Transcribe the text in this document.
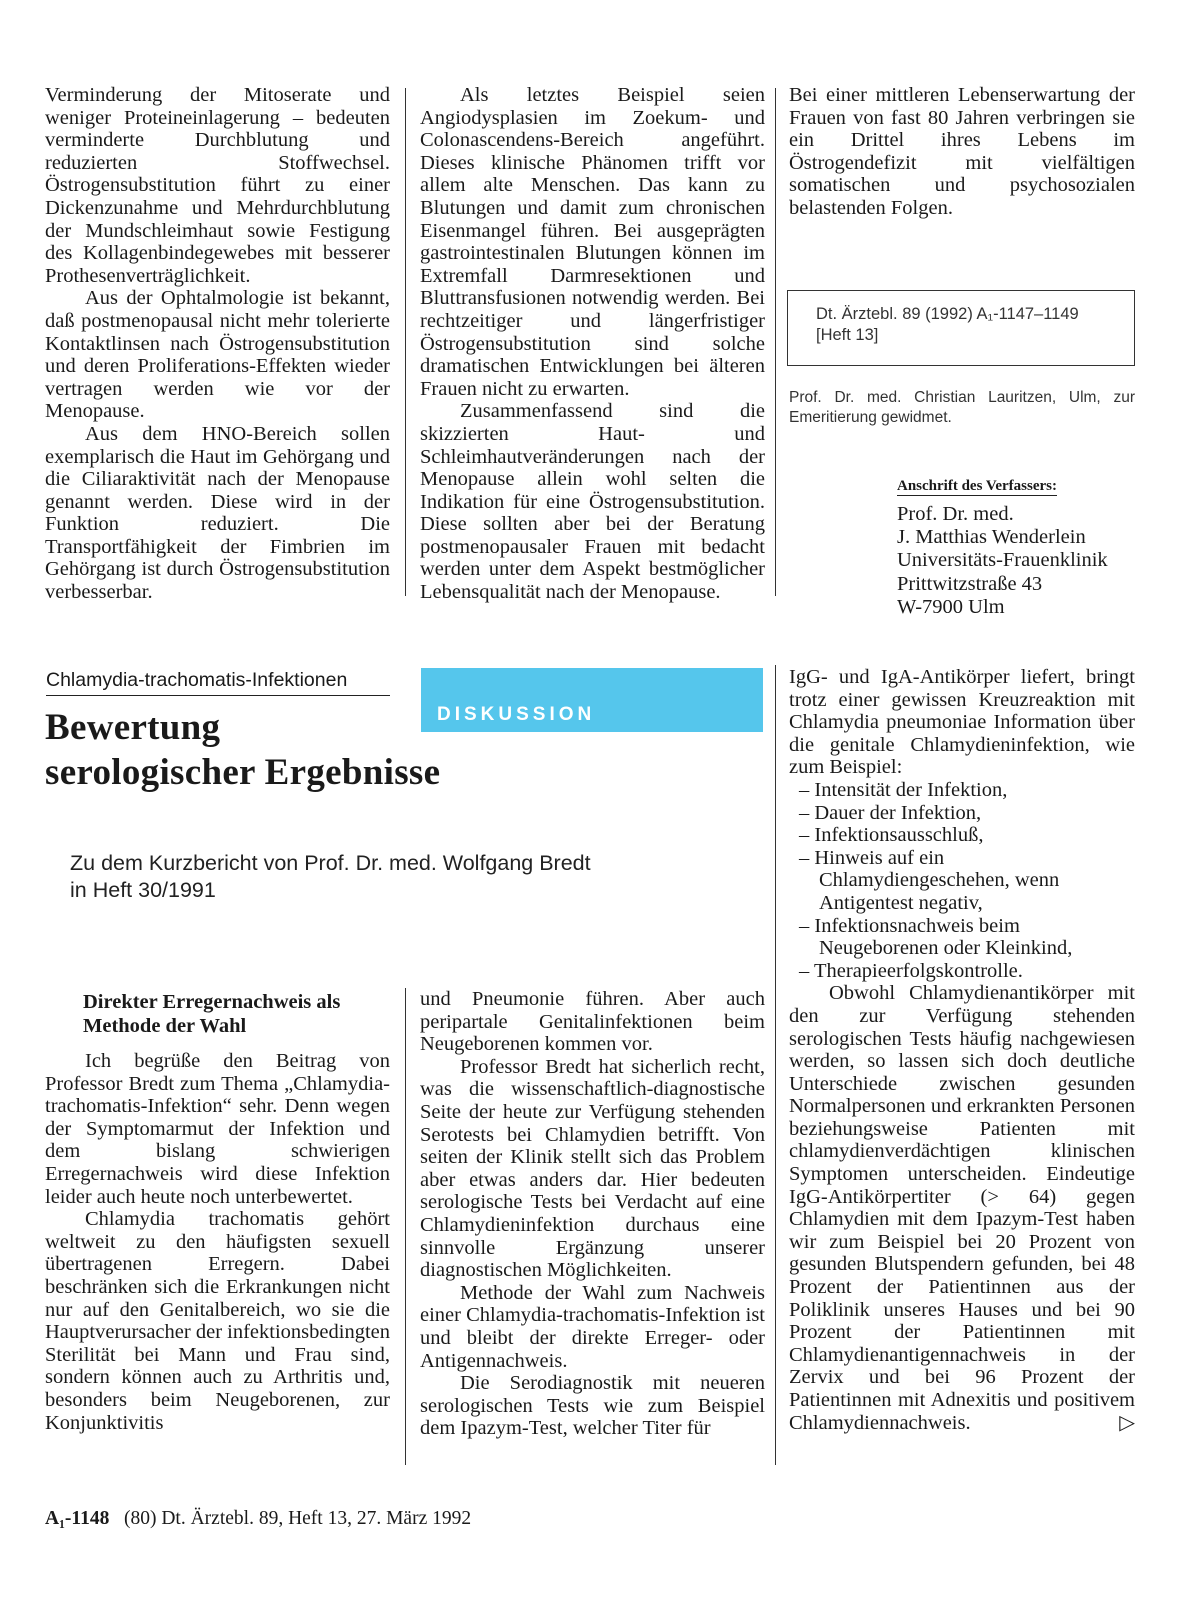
Verminderung der Mitoserate und weniger Proteineinlagerung – bedeuten verminderte Durchblutung und reduzierten Stoffwechsel. Östrogensubstitution führt zu einer Dickenzunahme und Mehrdurchblutung der Mundschleimhaut sowie Festigung des Kollagenbindegewebes mit besserer Prothesenverträglichkeit.

Aus der Ophtalmologie ist bekannt, daß postmenopausal nicht mehr tolerierte Kontaktlinsen nach Östrogensubstitution und deren Proliferations-Effekten wieder vertragen werden wie vor der Menopause.

Aus dem HNO-Bereich sollen exemplarisch die Haut im Gehörgang und die Ciliaraktivität nach der Menopause genannt werden. Diese wird in der Funktion reduziert. Die Transportfähigkeit der Fimbrien im Gehörgang ist durch Östrogensubstitution verbesserbar.

Als letztes Beispiel seien Angiodysplasien im Zoekum- und Colonascendens-Bereich angeführt. Dieses klinische Phänomen trifft vor allem alte Menschen. Das kann zu Blutungen und damit zum chronischen Eisenmangel führen. Bei ausgeprägten gastrointestinalen Blutungen können im Extremfall Darmresektionen und Bluttransfusionen notwendig werden. Bei rechtzeitiger und längerfristiger Östrogensubstitution sind solche dramatischen Entwicklungen bei älteren Frauen nicht zu erwarten.

Zusammenfassend sind die skizzierten Haut- und Schleimhautveränderungen nach der Menopause allein wohl selten die Indikation für eine Östrogensubstitution. Diese sollten aber bei der Beratung postmenopausaler Frauen mit bedacht werden unter dem Aspekt bestmöglicher Lebensqualität nach der Menopause.

Bei einer mittleren Lebenserwartung der Frauen von fast 80 Jahren verbringen sie ein Drittel ihres Lebens im Östrogendefizit mit vielfältigen somatischen und psychosozialen belastenden Folgen.

Dt. Ärztebl. 89 (1992) A₁-1147–1149
[Heft 13]
Prof. Dr. med. Christian Lauritzen, Ulm, zur Emeritierung gewidmet.
Anschrift des Verfassers:
Prof. Dr. med.
J. Matthias Wenderlein
Universitäts-Frauenklinik
Prittwitzstraße 43
W-7900 Ulm
Chlamydia-trachomatis-Infektionen
DISKUSSION
Bewertung
serologischer Ergebnisse
Zu dem Kurzbericht von Prof. Dr. med. Wolfgang Bredt
in Heft 30/1991

Direkter Erregernachweis als Methode der Wahl

Ich begrüße den Beitrag von Professor Bredt zum Thema „Chlamydia-trachomatis-Infektion“ sehr. Denn wegen der Symptomarmut der Infektion und dem bislang schwierigen Erregernachweis wird diese Infektion leider auch heute noch unterbewertet.

Chlamydia trachomatis gehört weltweit zu den häufigsten sexuell übertragenen Erregern. Dabei beschränken sich die Erkrankungen nicht nur auf den Genitalbereich, wo sie die Hauptverursacher der infektionsbedingten Sterilität bei Mann und Frau sind, sondern können auch zu Arthritis und, besonders beim Neugeborenen, zur Konjunktivitis

und Pneumonie führen. Aber auch peripartale Genitalinfektionen beim Neugeborenen kommen vor.

Professor Bredt hat sicherlich recht, was die wissenschaftlich-diagnostische Seite der heute zur Verfügung stehenden Serotests bei Chlamydien betrifft. Von seiten der Klinik stellt sich das Problem aber etwas anders dar. Hier bedeuten serologische Tests bei Verdacht auf eine Chlamydieninfektion durchaus eine sinnvolle Ergänzung unserer diagnostischen Möglichkeiten.

Methode der Wahl zum Nachweis einer Chlamydia-trachomatis-Infektion ist und bleibt der direkte Erreger- oder Antigennachweis.

Die Serodiagnostik mit neueren serologischen Tests wie zum Beispiel dem Ipazym-Test, welcher Titer für

IgG- und IgA-Antikörper liefert, bringt trotz einer gewissen Kreuzreaktion mit Chlamydia pneumoniae Information über die genitale Chlamydieninfektion, wie zum Beispiel:

– Intensität der Infektion,

– Dauer der Infektion,

– Infektionsausschluß,

– Hinweis auf ein Chlamydiengeschehen, wenn Antigentest negativ,

– Infektionsnachweis beim Neugeborenen oder Kleinkind,

– Therapieerfolgskontrolle.

Obwohl Chlamydienantikörper mit den zur Verfügung stehenden serologischen Tests häufig nachgewiesen werden, so lassen sich doch deutliche Unterschiede zwischen gesunden Normalpersonen und erkrankten Personen beziehungsweise Patienten mit chlamydienverdächtigen klinischen Symptomen unterscheiden. Eindeutige IgG-Antikörpertiter (> 64) gegen Chlamydien mit dem Ipazym-Test haben wir zum Beispiel bei 20 Prozent von gesunden Blutspendern gefunden, bei 48 Prozent der Patientinnen aus der Poliklinik unseres Hauses und bei 90 Prozent der Patientinnen mit Chlamydienantigennachweis in der Zervix und bei 96 Prozent der Patientinnen mit Adnexitis und positivem Chlamydiennachweis.	▷

A₁-1148 (80) Dt. Ärztebl. 89, Heft 13, 27. März 1992
